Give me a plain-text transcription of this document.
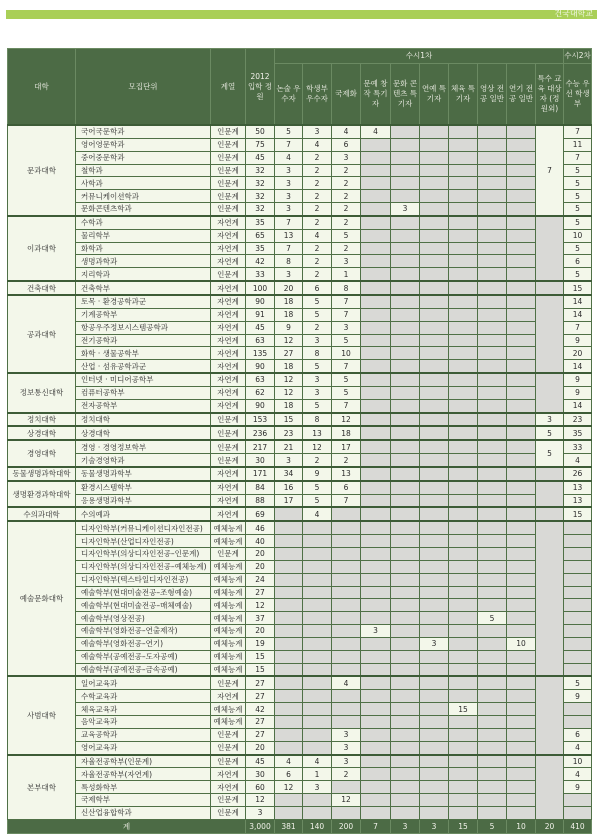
건국대학교
대학	모집단위	계열	2012 입학 정원	수시1차										수시2차
				논술 우수자	학생부 우수자	국제화	문예 창작 특기자	문화 콘텐츠 특기자	연예 특기자	체육 특기자	영상 전공 일반	연기 전공 일반	특수 교육 대상자 (정원외)	수능 우선 학생부
문과대학	국어국문학과	인문계	50	5	3	4	4						7	7
	영어영문학과	인문계	75	7	4	6								11
	중어중문학과	인문계	45	4	2	3								7
	철학과	인문계	32	3	2	2								5
	사학과	인문계	32	3	2	2								5
	커뮤니케이션학과	인문계	32	3	2	2								5
	문화콘텐츠학과	인문계	32	3	2	2		3						5
이과대학	수학과	자연계	35	7	2	2								5
	물리학부	자연계	65	13	4	5								10
	화학과	자연계	35	7	2	2								5
	생명과학과	자연계	42	8	2	3								6
	지리학과	인문계	33	3	2	1								5
건축대학	건축학부	자연계	100	20	6	8								15
공과대학	토목 · 환경공학과군	자연계	90	18	5	7								14
	기계공학부	자연계	91	18	5	7								14
	항공우주정보시스템공학과	자연계	45	9	2	3								7
	전기공학과	자연계	63	12	3	5								9
	화학 · 생물공학부	자연계	135	27	8	10								20
	산업 · 섬유공학과군	자연계	90	18	5	7								14
정보통신대학	인터넷 · 미디어공학부	자연계	63	12	3	5								9
	컴퓨터공학부	자연계	62	12	3	5								9
	전자공학부	자연계	90	18	5	7								14
정치대학	정치대학	인문계	153	15	8	12							3	23
상경대학	상경대학	인문계	236	23	13	18							5	35
경영대학	경영 · 경영정보학부	인문계	217	21	12	17							5	33
	기술경영학과	인문계	30	3	2	2								4
동물생명과학대학	동물생명과학부	자연계	171	34	9	13								26
생명환경과학대학	환경시스템학부	자연계	84	16	5	6								13
	응용생명과학부	자연계	88	17	5	7								13
수의과대학	수의예과	자연계	69		4									15
예술문화대학	디자인학부(커뮤니케이션디자인전공)	예체능계	46											
	디자인학부(산업디자인전공)	예체능계	40											
	디자인학부(의상디자인전공–인문계)	인문계	20											
	디자인학부(의상디자인전공–예체능계)	예체능계	20											
	디자인학부(텍스타일디자인전공)	예체능계	24											
	예술학부(현대미술전공–조형예술)	예체능계	27											
	예술학부(현대미술전공–매체예술)	예체능계	12											
	예술학부(영상전공)	예체능계	37								5			
	예술학부(영화전공–연출제작)	예체능계	20				3							
	예술학부(영화전공–연기)	예체능계	19						3			10		
	예술학부(공예전공–도자공예)	예체능계	15											
	예술학부(공예전공–금속공예)	예체능계	15											
사범대학	일어교육과	인문계	27			4								5
	수학교육과	자연계	27											9
	체육교육과	예체능계	42							15				
	음악교육과	예체능계	27											
	교육공학과	인문계	27			3								6
	영어교육과	인문계	20			3								4
본부대학	자율전공학부(인문계)	인문계	45	4	4	3								10
	자율전공학부(자연계)	자연계	30	6	1	2								4
	특성화학부	자연계	60	12	3									9
	국제학부	인문계	12			12								
	신산업융합학과	인문계	3											
계			3,000	381	140	200	7	3	3	15	5	10	20	410
